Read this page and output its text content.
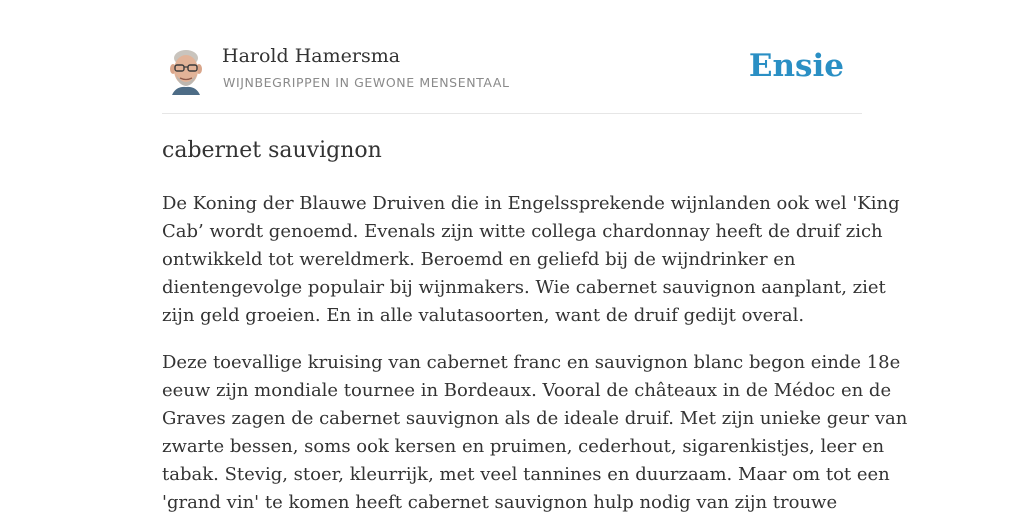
Harold Hamersma
WIJNBEGRIPPEN IN GEWONE MENSENTAAL	Ensie
cabernet sauvignon

De Koning der Blauwe Druiven die in Engelssprekende wijnlanden ook wel 'King
Cab’ wordt genoemd. Evenals zijn witte collega chardonnay heeft de druif zich
ontwikkeld tot wereldmerk. Beroemd en geliefd bij de wijndrinker en
dientengevolge populair bij wijnmakers. Wie cabernet sauvignon aanplant, ziet
zijn geld groeien. En in alle valutasoorten, want de druif gedijt overal.

Deze toevallige kruising van cabernet franc en sauvignon blanc begon einde 18e
eeuw zijn mondiale tournee in Bordeaux. Vooral de châteaux in de Médoc en de
Graves zagen de cabernet sauvignon als de ideale druif. Met zijn unieke geur van
zwarte bessen, soms ook kersen en pruimen, cederhout, sigarenkistjes, leer en
tabak. Stevig, stoer, kleurrijk, met veel tannines en duurzaam. Maar om tot een
'grand vin' te komen heeft cabernet sauvignon hulp nodig van zijn trouwe
